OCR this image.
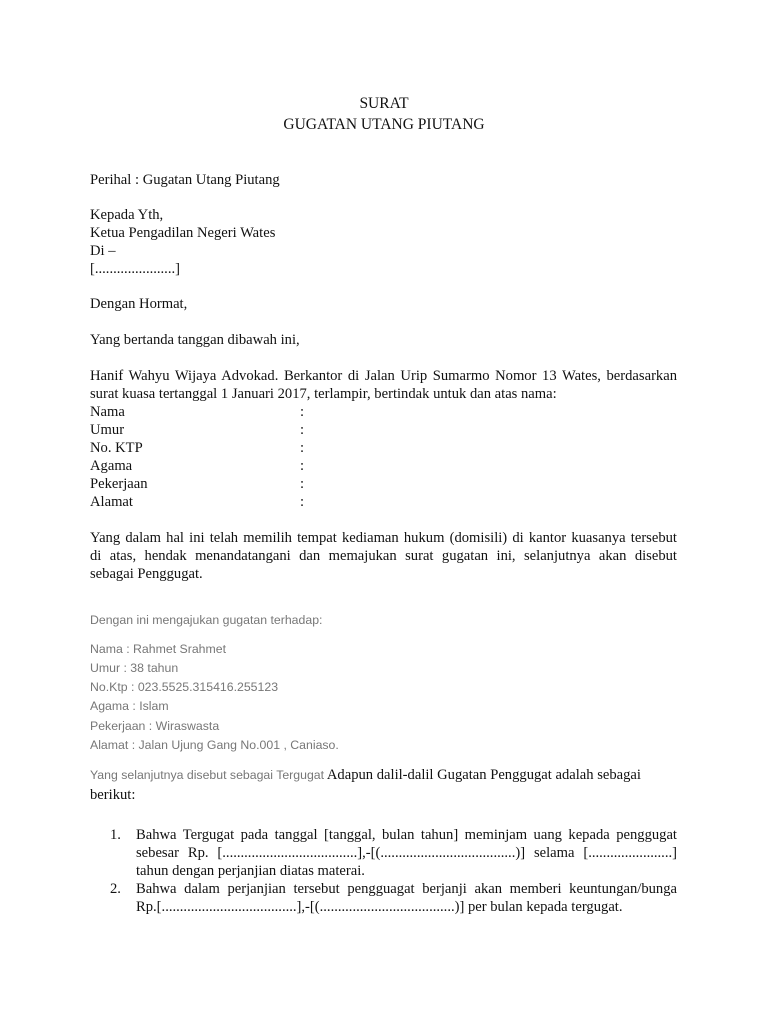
SURAT
GUGATAN UTANG PIUTANG
Perihal : Gugatan Utang Piutang
Kepada Yth,
Ketua Pengadilan Negeri Wates
Di –
[......................]
Dengan Hormat,
Yang bertanda tanggan dibawah ini,
Hanif Wahyu Wijaya Advokad. Berkantor di Jalan Urip Sumarmo Nomor 13 Wates, berdasarkan
surat kuasa tertanggal 1 Januari 2017, terlampir, bertindak untuk dan atas nama:
Nama
Umur
No. KTP
Agama
Pekerjaan
Alamat
:
:
:
:
:
:
Yang dalam hal ini telah memilih tempat kediaman hukum (domisili) di kantor kuasanya tersebut
di atas, hendak menandatangani dan memajukan surat gugatan ini, selanjutnya akan disebut
sebagai Penggugat.
Dengan ini mengajukan gugatan terhadap:
Nama : Rahmet Srahmet
Umur : 38 tahun
No.Ktp : 023.5525.315416.255123
Agama : Islam
Pekerjaan : Wiraswasta
Alamat : Jalan Ujung Gang No.001 , Caniaso.
Yang selanjutnya disebut sebagai Tergugat Adapun dalil-dalil Gugatan Penggugat adalah sebagai
berikut:
1. Bahwa Tergugat pada tanggal [tanggal, bulan tahun] meminjam uang kepada penggugat
sebesar Rp. [.....................................],-[(.....................................)] selama [.......................]
tahun dengan perjanjian diatas materai.
2. Bahwa dalam perjanjian tersebut pengguagat berjanji akan memberi keuntungan/bunga
Rp.[.....................................],-[(.....................................)] per bulan kepada tergugat.
